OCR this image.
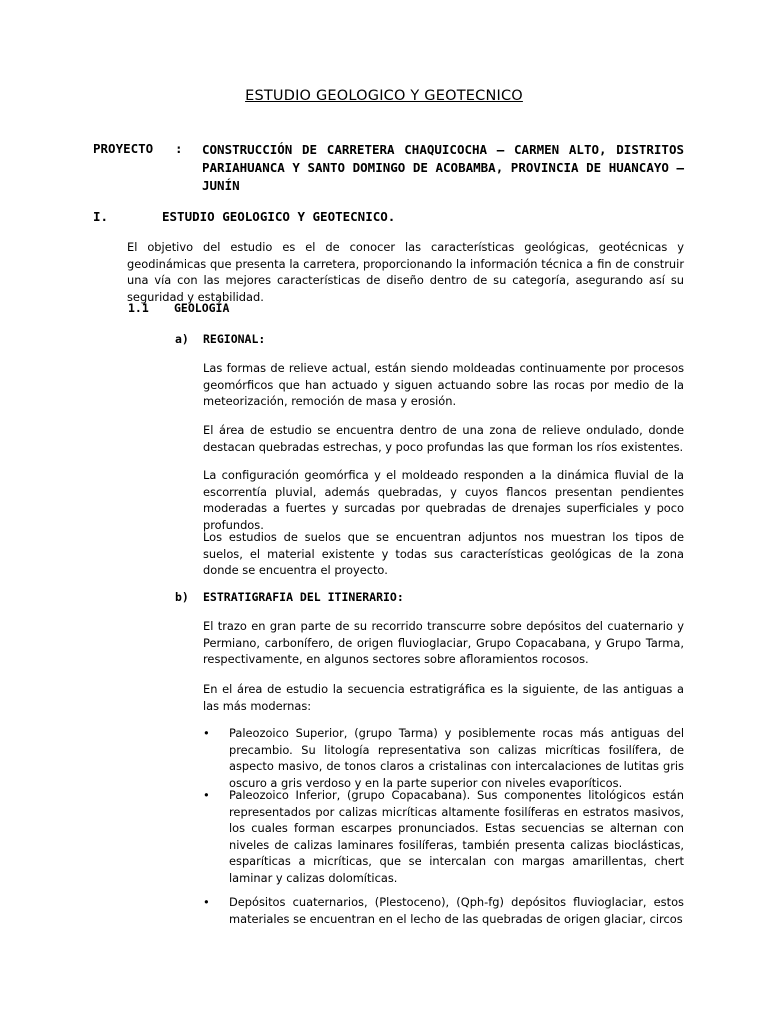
ESTUDIO GEOLOGICO Y GEOTECNICO
PROYECTO : CONSTRUCCIÓN DE CARRETERA CHAQUICOCHA – CARMEN ALTO, DISTRITOS PARIAHUANCA Y SANTO DOMINGO DE ACOBAMBA, PROVINCIA DE HUANCAYO – JUNÍN
I.	ESTUDIO GEOLOGICO Y GEOTECNICO.

El objetivo del estudio es el de conocer las características geológicas, geotécnicas y geodinámicas que presenta la carretera, proporcionando la información técnica a fin de construir una vía con las mejores características de diseño dentro de su categoría, asegurando así su seguridad y estabilidad.

1.1 GEOLOGÍA
a) REGIONAL:

Las formas de relieve actual, están siendo moldeadas continuamente por procesos geomórficos que han actuado y siguen actuando sobre las rocas por medio de la meteorización, remoción de masa y erosión.

El área de estudio se encuentra dentro de una zona de relieve ondulado, donde destacan quebradas estrechas, y poco profundas las que forman los ríos existentes.

La configuración geomórfica y el moldeado responden a la dinámica fluvial de la escorrentía pluvial, además quebradas, y cuyos flancos presentan pendientes moderadas a fuertes y surcadas por quebradas de drenajes superficiales y poco profundos.

Los estudios de suelos que se encuentran adjuntos nos muestran los tipos de suelos, el material existente y todas sus características geológicas de la zona donde se encuentra el proyecto.

b) ESTRATIGRAFIA DEL ITINERARIO:

El trazo en gran parte de su recorrido transcurre sobre depósitos del cuaternario y Permiano, carbonífero, de origen fluvioglaciar, Grupo Copacabana, y Grupo Tarma, respectivamente, en algunos sectores sobre afloramientos rocosos.

En el área de estudio la secuencia estratigráfica es la siguiente, de las antiguas a las más modernas:

• Paleozoico Superior, (grupo Tarma) y posiblemente rocas más antiguas del precambio. Su litología representativa son calizas micríticas fosilífera, de aspecto masivo, de tonos claros a cristalinas con intercalaciones de lutitas gris oscuro a gris verdoso y en la parte superior con niveles evaporíticos.

• Paleozoico Inferior, (grupo Copacabana). Sus componentes litológicos están representados por calizas micríticas altamente fosilíferas en estratos masivos, los cuales forman escarpes pronunciados. Estas secuencias se alternan con niveles de calizas laminares fosilíferas, también presenta calizas bioclásticas, esparíticas a micríticas, que se intercalan con margas amarillentas, chert laminar y calizas dolomíticas.

• Depósitos cuaternarios, (Plestoceno), (Qph-fg) depósitos fluvioglaciar, estos materiales se encuentran en el lecho de las quebradas de origen glaciar, circos
